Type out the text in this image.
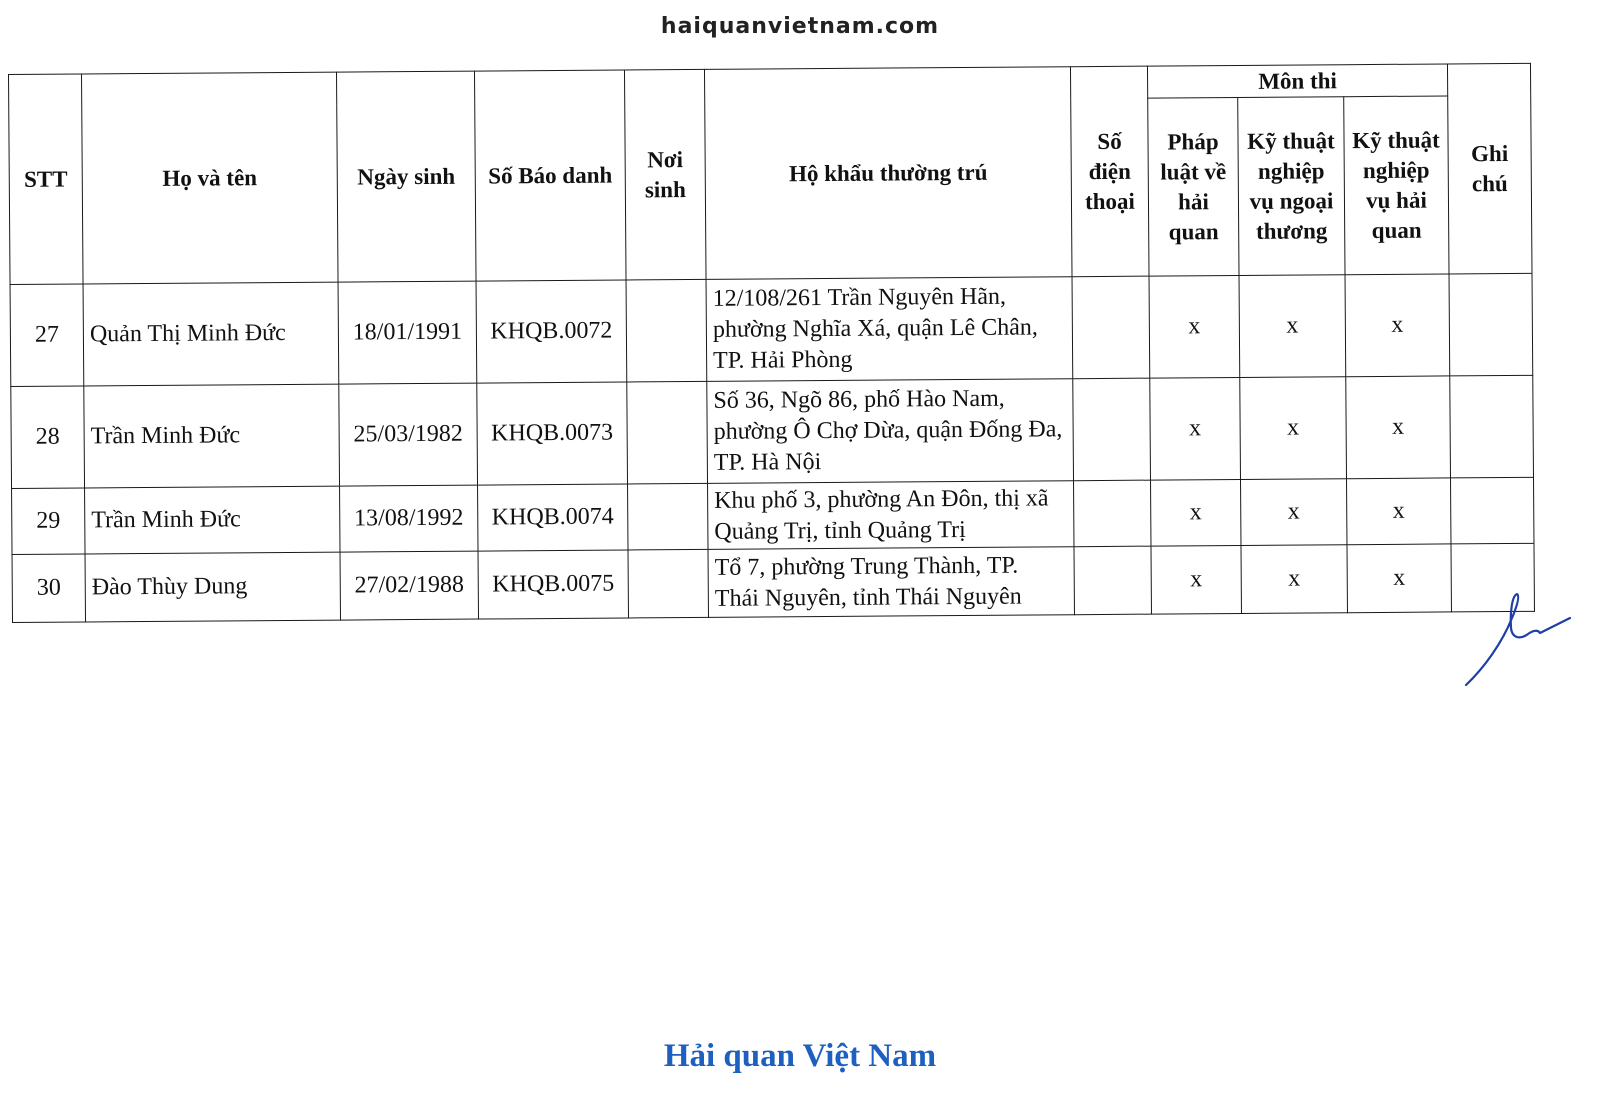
haiquanvietnam.com
STT	Họ và tên	Ngày sinh	Số Báo danh	Nơi sinh	Hộ khẩu thường trú	Số điện thoại	Môn thi			Ghi chú
							Pháp luật về hải quan	Kỹ thuật nghiệp vụ ngoại thương	Kỹ thuật nghiệp vụ hải quan	
27	Quản Thị Minh Đức	18/01/1991	KHQB.0072		12/108/261 Trần Nguyên Hãn, phường Nghĩa Xá, quận Lê Chân, TP. Hải Phòng		x	x	x	
28	Trần Minh Đức	25/03/1982	KHQB.0073		Số 36, Ngõ 86, phố Hào Nam, phường Ô Chợ Dừa, quận Đống Đa, TP. Hà Nội		x	x	x	
29	Trần Minh Đức	13/08/1992	KHQB.0074		Khu phố 3, phường An Đôn, thị xã Quảng Trị, tỉnh Quảng Trị		x	x	x	
30	Đào Thùy Dung	27/02/1988	KHQB.0075		Tổ 7, phường Trung Thành, TP. Thái Nguyên, tỉnh Thái Nguyên		x	x	x	
Hải quan Việt Nam
